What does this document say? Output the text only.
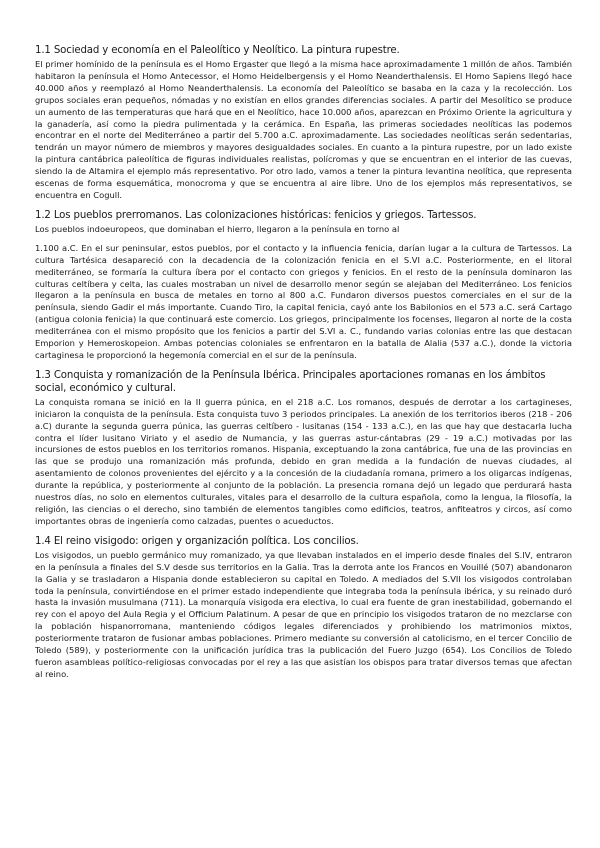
1.1 Sociedad y economía en el Paleolítico y Neolítico. La pintura rupestre.

El primer homínido de la península es el Homo Ergaster que llegó a la misma hace aproximadamente 1 millón de años. También habitaron la península el Homo Antecessor, el Homo Heidelbergensis y el Homo Neanderthalensis. El Homo Sapiens llegó hace 40.000 años y reemplazó al Homo Neanderthalensis. La economía del Paleolítico se basaba en la caza y la recolección. Los grupos sociales eran pequeños, nómadas y no existían en ellos grandes diferencias sociales. A partir del Mesolítico se produce un aumento de las temperaturas que hará que en el Neolítico, hace 10.000 años, aparezcan en Próximo Oriente la agricultura y la ganadería, así como la piedra pulimentada y la cerámica. En España, las primeras sociedades neolíticas las podemos encontrar en el norte del Mediterráneo a partir del 5.700 a.C. aproximadamente. Las sociedades neolíticas serán sedentarias, tendrán un mayor número de miembros y mayores desigualdades sociales. En cuanto a la pintura rupestre, por un lado existe la pintura cantábrica paleolítica de figuras individuales realistas, polícromas y que se encuentran en el interior de las cuevas, siendo la de Altamira el ejemplo más representativo. Por otro lado, vamos a tener la pintura levantina neolítica, que representa escenas de forma esquemática, monocroma y que se encuentra al aire libre. Uno de los ejemplos más representativos, se encuentra en Cogull.

1.2 Los pueblos prerromanos. Las colonizaciones históricas: fenicios y griegos. Tartessos.

Los pueblos indoeuropeos, que dominaban el hierro, llegaron a la península en torno al

1.100 a.C. En el sur peninsular, estos pueblos, por el contacto y la influencia fenicia, darían lugar a la cultura de Tartessos. La cultura Tartésica desapareció con la decadencia de la colonización fenicia en el S.VI a.C. Posteriormente, en el litoral mediterráneo, se formaría la cultura íbera por el contacto con griegos y fenicios. En el resto de la península dominaron las culturas celtíbera y celta, las cuales mostraban un nivel de desarrollo menor según se alejaban del Mediterráneo. Los fenicios llegaron a la península en busca de metales en torno al 800 a.C. Fundaron diversos puestos comerciales en el sur de la península, siendo Gadir el más importante. Cuando Tiro, la capital fenicia, cayó ante los Babilonios en el 573 a.C. será Cartago (antigua colonia fenicia) la que continuará este comercio. Los griegos, principalmente los focenses, llegaron al norte de la costa mediterránea con el mismo propósito que los fenicios a partir del S.VI a. C., fundando varias colonias entre las que destacan Emporion y Hemeroskopeion. Ambas potencias coloniales se enfrentaron en la batalla de Alalia (537 a.C.), donde la victoria cartaginesa le proporcionó la hegemonía comercial en el sur de la península.

1.3 Conquista y romanización de la Península Ibérica. Principales aportaciones romanas en los ámbitos social, económico y cultural.

La conquista romana se inició en la II guerra púnica, en el 218 a.C. Los romanos, después de derrotar a los cartagineses, iniciaron la conquista de la península. Esta conquista tuvo 3 periodos principales. La anexión de los territorios iberos (218 - 206 a.C) durante la segunda guerra púnica, las guerras celtíbero - lusitanas (154 - 133 a.C.), en las que hay que destacarla lucha contra el líder lusitano Viriato y el asedio de Numancia, y las guerras astur-cántabras (29 - 19 a.C.) motivadas por las incursiones de estos pueblos en los territorios romanos. Hispania, exceptuando la zona cantábrica, fue una de las provincias en las que se produjo una romanización más profunda, debido en gran medida a la fundación de nuevas ciudades, al asentamiento de colonos provenientes del ejército y a la concesión de la ciudadanía romana, primero a los oligarcas indígenas, durante la república, y posteriormente al conjunto de la población. La presencia romana dejó un legado que perdurará hasta nuestros días, no solo en elementos culturales, vitales para el desarrollo de la cultura española, como la lengua, la filosofía, la religión, las ciencias o el derecho, sino también de elementos tangibles como edificios, teatros, anfiteatros y circos, así como importantes obras de ingeniería como calzadas, puentes o acueductos.

1.4 El reino visigodo: origen y organización política. Los concilios.

Los visigodos, un pueblo germánico muy romanizado, ya que llevaban instalados en el imperio desde finales del S.IV, entraron en la península a finales del S.V desde sus territorios en la Galia. Tras la derrota ante los Francos en Vouillé (507) abandonaron la Galia y se trasladaron a Hispania donde establecieron su capital en Toledo. A mediados del S.VII los visigodos controlaban toda la península, convirtiéndose en el primer estado independiente que integraba toda la península ibérica, y su reinado duró hasta la invasión musulmana (711). La monarquía visigoda era electiva, lo cual era fuente de gran inestabilidad, gobernando el rey con el apoyo del Aula Regia y el Officium Palatinum. A pesar de que en principio los visigodos trataron de no mezclarse con la población hispanorromana, manteniendo códigos legales diferenciados y prohibiendo los matrimonios mixtos, posteriormente trataron de fusionar ambas poblaciones. Primero mediante su conversión al catolicismo, en el tercer Concilio de Toledo (589), y posteriormente con la unificación jurídica tras la publicación del Fuero Juzgo (654). Los Concilios de Toledo fueron asambleas político-religiosas convocadas por el rey a las que asistían los obispos para tratar diversos temas que afectan al reino.
